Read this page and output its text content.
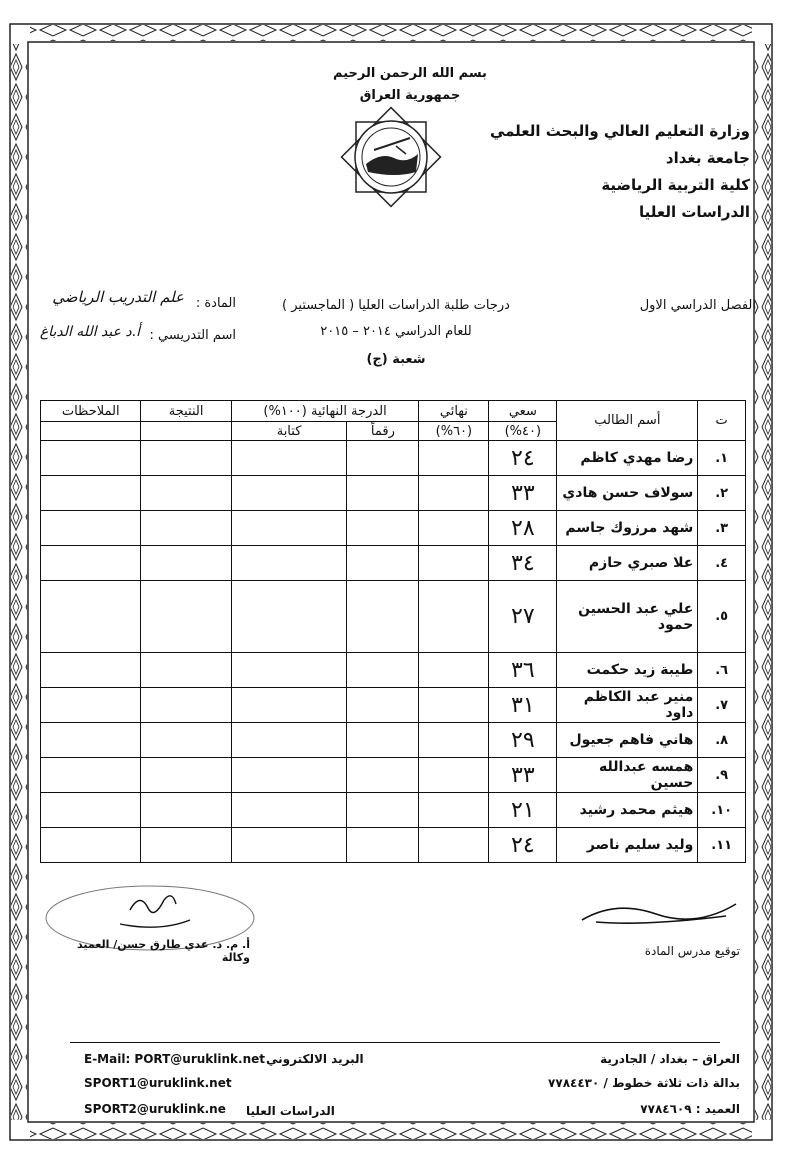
بسم الله الرحمن الرحيم
جمهورية العراق
وزارة التعليم العالي والبحث العلمي
جامعة بغداد
كلية التربية الرياضية
الدراسات العليا
الفصل الدراسي الاول
درجات طلبة الدراسات العليا ( الماجستير )
للعام الدراسي ٢٠١٤ – ٢٠١٥
شعبة (ج)
المادة :
علم التدريب الرياضي
اسم التدريسي :
أ.د عبد الله الدباغ
ت	أسم الطالب	سعي	نهائي	الدرجة النهائية (١٠٠%)		النتيجة	الملاحظات
		(٤٠%)	(٦٠%)	رقماً	كتابة		
١.	رضا مهدي كاظم	٢٤					
٢.	سولاف حسن هادي	٣٣					
٣.	شهد مرزوك جاسم	٢٨					
٤.	علا صبري حازم	٣٤					
٥.	علي عبد الحسين حمود	٢٧					
٦.	طيبة زيد حكمت	٣٦					
٧.	منير عبد الكاظم داود	٣١					
٨.	هاني فاهم جعيول	٢٩					
٩.	همسه عبدالله حسين	٣٣					
١٠.	هيثم محمد رشيد	٢١					
١١.	وليد سليم ناصر	٢٤					
توقيع مدرس المادة
أ. م. د. عدي طارق حسن/ العميد وكالة
E-Mail: PORT@uruklink.net البريد الالكتروني
SPORT1@uruklink.net
SPORT2@uruklink.ne الدراسات العليا
العراق – بغداد / الجادرية
بدالة ذات ثلاثة خطوط / ٧٧٨٤٤٣٠
العميد : ٧٧٨٤٦٠٩
